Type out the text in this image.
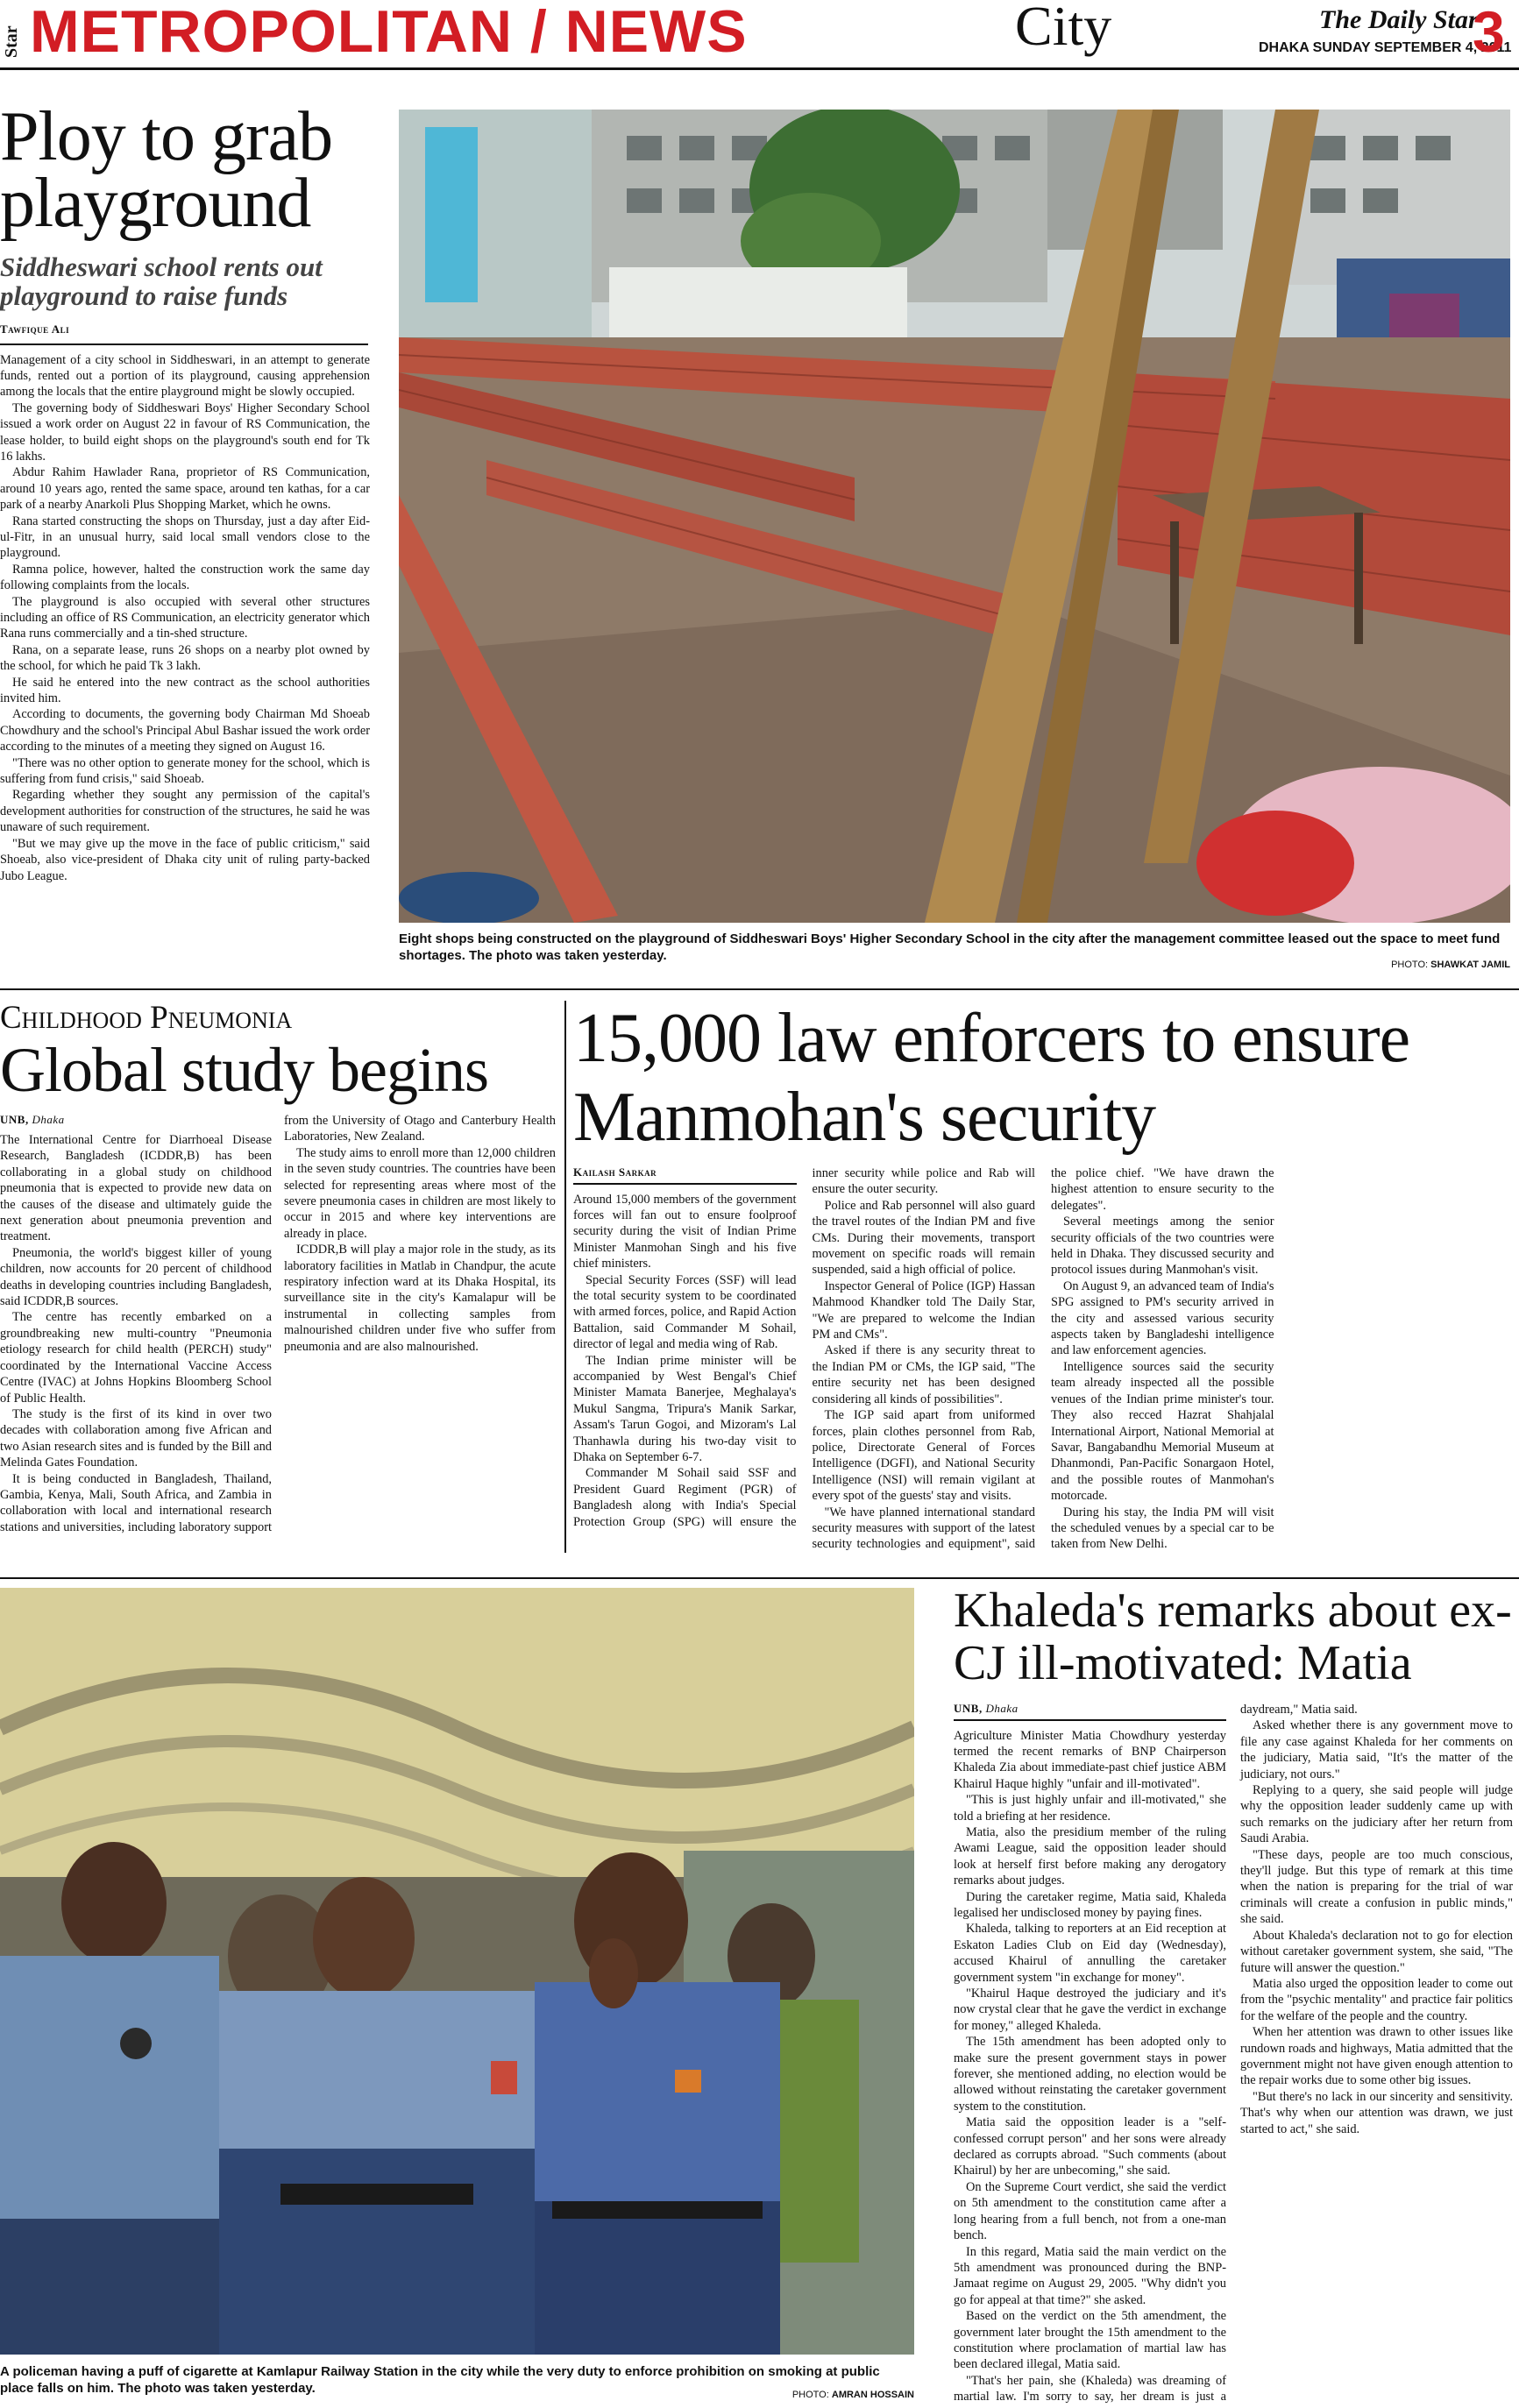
Star METROPOLITAN / NEWS	City	The Daily Star
DHAKA SUNDAY SEPTEMBER 4, 2011
3
Ploy to grab playground
Siddheswari school rents out playground to raise funds
Tawfique Ali

Management of a city school in Siddheswari, in an attempt to generate funds, rented out a portion of its playground, causing apprehension among the locals that the entire playground might be slowly occupied.

The governing body of Siddheswari Boys' Higher Secondary School issued a work order on August 22 in favour of RS Communication, the lease holder, to build eight shops on the playground's south end for Tk 16 lakhs.

Abdur Rahim Hawlader Rana, proprietor of RS Communication, around 10 years ago, rented the same space, around ten kathas, for a car park of a nearby Anarkoli Plus Shopping Market, which he owns.

Rana started constructing the shops on Thursday, just a day after Eid-ul-Fitr, in an unusual hurry, said local small vendors close to the playground.

Ramna police, however, halted the construction work the same day following complaints from the locals.

The playground is also occupied with several other structures including an office of RS Communication, an electricity generator which Rana runs commercially and a tin-shed structure.

Rana, on a separate lease, runs 26 shops on a nearby plot owned by the school, for which he paid Tk 3 lakh.

He said he entered into the new contract as the school authorities invited him.

According to documents, the governing body Chairman Md Shoeab Chowdhury and the school's Principal Abul Bashar issued the work order according to the minutes of a meeting they signed on August 16.

"There was no other option to generate money for the school, which is suffering from fund crisis," said Shoeab.

Regarding whether they sought any permission of the capital's development authorities for construction of the structures, he said he was unaware of such requirement.

"But we may give up the move in the face of public criticism," said Shoeab, also vice-president of Dhaka city unit of ruling party-backed Jubo League.

Eight shops being constructed on the playground of Siddheswari Boys' Higher Secondary School in the city after the management committee leased out the space to meet fund shortages. The photo was taken yesterday.
PHOTO: SHAWKAT JAMIL
Childhood Pneumonia
Global study begins
UNB, Dhaka

The International Centre for Diarrhoeal Disease Research, Bangladesh (ICDDR,B) has been collaborating in a global study on childhood pneumonia that is expected to provide new data on the causes of the disease and ultimately guide the next generation about pneumonia prevention and treatment.

Pneumonia, the world's biggest killer of young children, now accounts for 20 percent of childhood deaths in developing countries including Bangladesh, said ICDDR,B sources.

The centre has recently embarked on a groundbreaking new multi-country "Pneumonia etiology research for child health (PERCH) study" coordinated by the International Vaccine Access Centre (IVAC) at Johns Hopkins Bloomberg School of Public Health.

The study is the first of its kind in over two decades with collaboration among five African and two Asian research sites and is funded by the Bill and Melinda Gates Foundation.

It is being conducted in Bangladesh, Thailand, Gambia, Kenya, Mali, South Africa, and Zambia in collaboration with local and international research stations and universities, including laboratory support from the University of Otago and Canterbury Health Laboratories, New Zealand.

The study aims to enroll more than 12,000 children in the seven study countries. The countries have been selected for representing areas where most of the severe pneumonia cases in children are most likely to occur in 2015 and where key interventions are already in place.

ICDDR,B will play a major role in the study, as its laboratory facilities in Matlab in Chandpur, the acute respiratory infection ward at its Dhaka Hospital, its surveillance site in the city's Kamalapur will be instrumental in collecting samples from malnourished children under five who suffer from pneumonia and are also malnourished.

15,000 law enforcers to ensure Manmohan's security
Kailash Sarkar

Around 15,000 members of the government forces will fan out to ensure foolproof security during the visit of Indian Prime Minister Manmohan Singh and his five chief ministers.

Special Security Forces (SSF) will lead the total security system to be coordinated with armed forces, police, and Rapid Action Battalion, said Commander M Sohail, director of legal and media wing of Rab.

The Indian prime minister will be accompanied by West Bengal's Chief Minister Mamata Banerjee, Meghalaya's Mukul Sangma, Tripura's Manik Sarkar, Assam's Tarun Gogoi, and Mizoram's Lal Thanhawla during his two-day visit to Dhaka on September 6-7.

Commander M Sohail said SSF and President Guard Regiment (PGR) of Bangladesh along with India's Special Protection Group (SPG) will ensure the inner security while police and Rab will ensure the outer security.

Police and Rab personnel will also guard the travel routes of the Indian PM and five CMs. During their movements, transport movement on specific roads will remain suspended, said a high official of police.

Inspector General of Police (IGP) Hassan Mahmood Khandker told The Daily Star, "We are prepared to welcome the Indian PM and CMs".

Asked if there is any security threat to the Indian PM or CMs, the IGP said, "The entire security net has been designed considering all kinds of possibilities".

The IGP said apart from uniformed forces, plain clothes personnel from Rab, police, Directorate General of Forces Intelligence (DGFI), and National Security Intelligence (NSI) will remain vigilant at every spot of the guests' stay and visits.

"We have planned international standard security measures with support of the latest security technologies and equipment", said the police chief. "We have drawn the highest attention to ensure security to the delegates".

Several meetings among the senior security officials of the two countries were held in Dhaka. They discussed security and protocol issues during Manmohan's visit.

On August 9, an advanced team of India's SPG assigned to PM's security arrived in the city and assessed various security aspects taken by Bangladeshi intelligence and law enforcement agencies.

Intelligence sources said the security team already inspected all the possible venues of the Indian prime minister's tour. They also recced Hazrat Shahjalal International Airport, National Memorial at Savar, Bangabandhu Memorial Museum at Dhanmondi, Pan-Pacific Sonargaon Hotel, and the possible routes of Manmohan's motorcade.

During his stay, the India PM will visit the scheduled venues by a special car to be taken from New Delhi.

A policeman having a puff of cigarette at Kamlapur Railway Station in the city while the very duty to enforce prohibition on smoking at public place falls on him. The photo was taken yesterday.	PHOTO: AMRAN HOSSAIN
Khaleda's remarks about ex-CJ ill-motivated: Matia
UNB, Dhaka

Agriculture Minister Matia Chowdhury yesterday termed the recent remarks of BNP Chairperson Khaleda Zia about immediate-past chief justice ABM Khairul Haque highly "unfair and ill-motivated".

"This is just highly unfair and ill-motivated," she told a briefing at her residence.

Matia, also the presidium member of the ruling Awami League, said the opposition leader should look at herself first before making any derogatory remarks about judges.

During the caretaker regime, Matia said, Khaleda legalised her undisclosed money by paying fines.

Khaleda, talking to reporters at an Eid reception at Eskaton Ladies Club on Eid day (Wednesday), accused Khairul of annulling the caretaker government system "in exchange for money".

"Khairul Haque destroyed the judiciary and it's now crystal clear that he gave the verdict in exchange for money," alleged Khaleda.

The 15th amendment has been adopted only to make sure the present government stays in power forever, she mentioned adding, no election would be allowed without reinstating the caretaker government system to the constitution.

Matia said the opposition leader is a "self-confessed corrupt person" and her sons were already declared as corrupts abroad. "Such comments (about Khairul) by her are unbecoming," she said.

On the Supreme Court verdict, she said the verdict on 5th amendment to the constitution came after a long hearing from a full bench, not from a one-man bench.

In this regard, Matia said the main verdict on the 5th amendment was pronounced during the BNP-Jamaat regime on August 29, 2005. "Why didn't you go for appeal at that time?" she asked.

Based on the verdict on the 5th amendment, the government later brought the 15th amendment to the constitution where proclamation of martial law has been declared illegal, Matia said.

"That's her pain, she (Khaleda) was dreaming of martial law. I'm sorry to say, her dream is just a daydream," Matia said.

Asked whether there is any government move to file any case against Khaleda for her comments on the judiciary, Matia said, "It's the matter of the judiciary, not ours."

Replying to a query, she said people will judge why the opposition leader suddenly came up with such remarks on the judiciary after her return from Saudi Arabia.

"These days, people are too much conscious, they'll judge. But this type of remark at this time when the nation is preparing for the trial of war criminals will create a confusion in public minds," she said.

About Khaleda's declaration not to go for election without caretaker government system, she said, "The future will answer the question."

Matia also urged the opposition leader to come out from the "psychic mentality" and practice fair politics for the welfare of the people and the country.

When her attention was drawn to other issues like rundown roads and highways, Matia admitted that the government might not have given enough attention to the repair works due to some other big issues.

"But there's no lack in our sincerity and sensitivity. That's why when our attention was drawn, we just started to act," she said.
